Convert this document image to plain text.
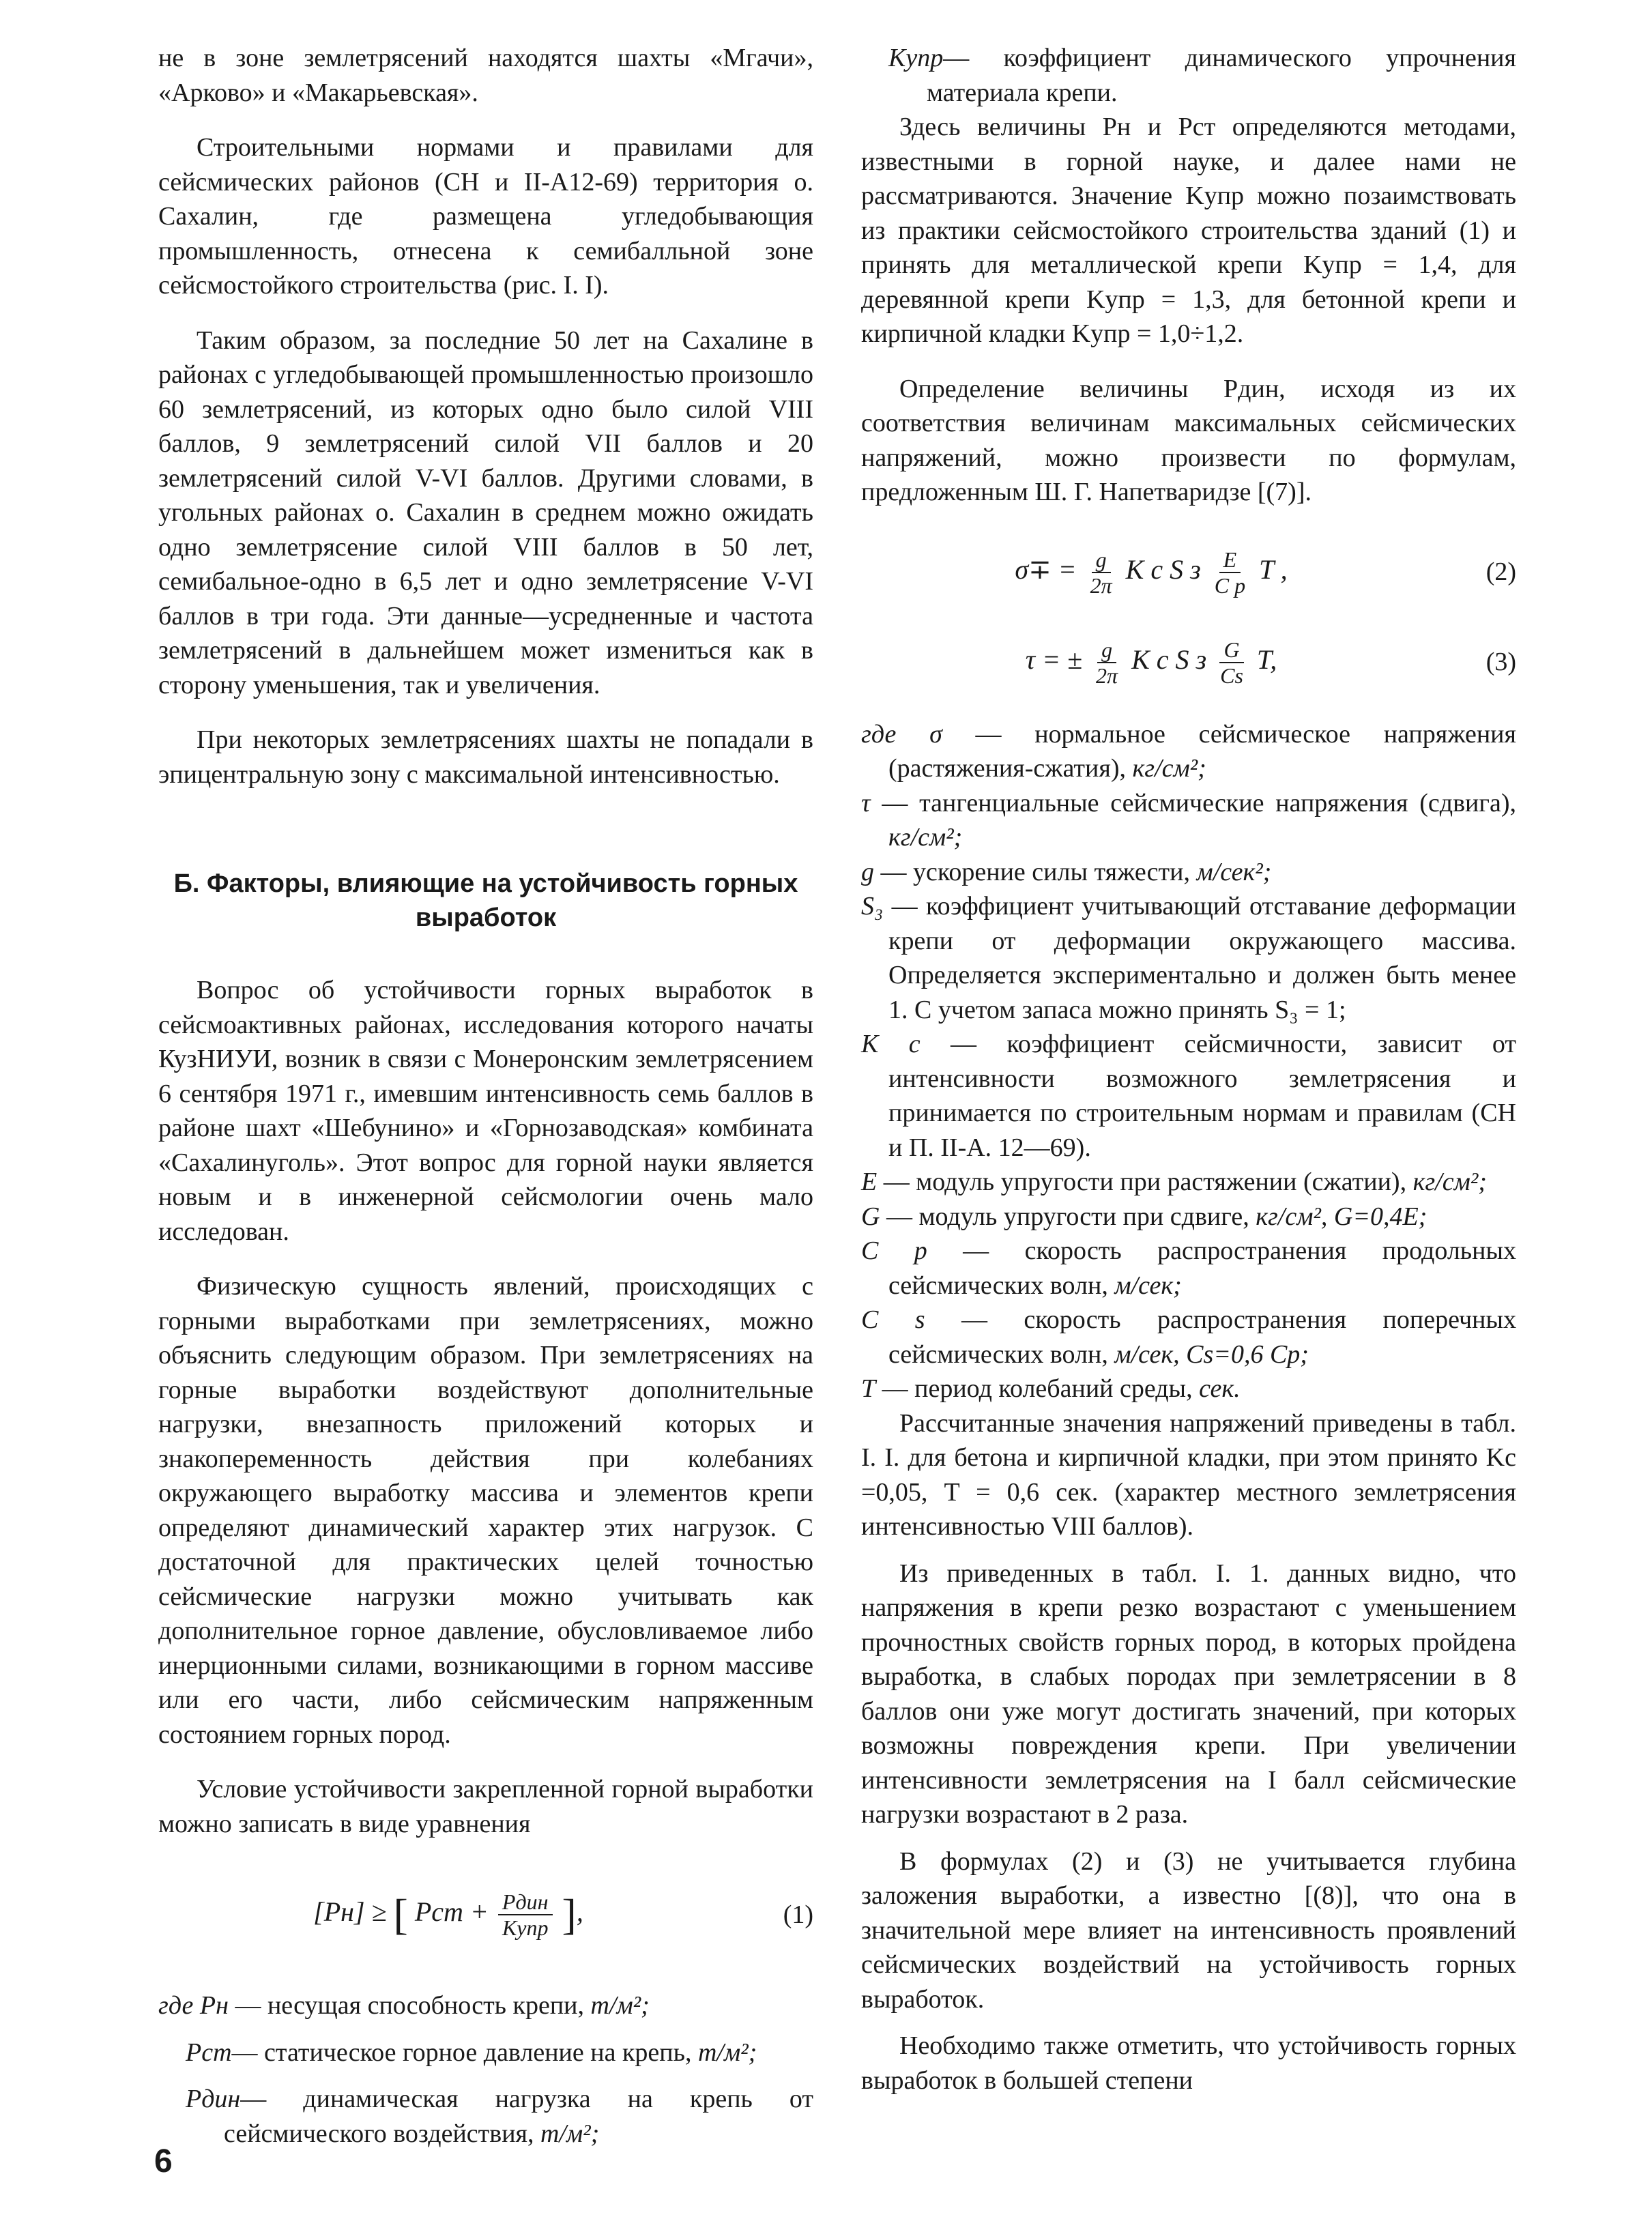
не в зоне землетрясений находятся шахты «Мгачи», «Арково» и «Макарьевская».

Строительными нормами и правилами для сейсмических районов (СН и II-А12-69) территория о. Сахалин, где размещена угледобывающия промышленность, отнесена к семибалльной зоне сейсмостойкого строительства (рис. I. I).

Таким образом, за последние 50 лет на Сахалине в районах с угледобывающей промышленностью произошло 60 землетрясений, из которых одно было силой VIII баллов, 9 землетрясений силой VII баллов и 20 землетрясений силой V-VI баллов. Другими словами, в угольных районах о. Сахалин в среднем можно ожидать одно землетрясение силой VIII баллов в 50 лет, семибальное-одно в 6,5 лет и одно землетрясение V-VI баллов в три года. Эти данные—усредненные и частота землетрясений в дальнейшем может измениться как в сторону уменьшения, так и увеличения.

При некоторых землетрясениях шахты не попадали в эпицентральную зону с максимальной интенсивностью.

Б. Факторы, влияющие на устойчивость горных выработок

Вопрос об устойчивости горных выработок в сейсмоактивных районах, исследования которого начаты КузНИУИ, возник в связи с Монеронским землетрясением 6 сентября 1971 г., имевшим интенсивность семь баллов в районе шахт «Шебунино» и «Горнозаводская» комбината «Сахалинуголь». Этот вопрос для горной науки является новым и в инженерной сейсмологии очень мало исследован.

Физическую сущность явлений, происходящих с горными выработками при землетрясениях, можно объяснить следующим образом. При землетрясениях на горные выработки воздействуют дополнительные нагрузки, внезапность приложений которых и знакопеременность действия при колебаниях окружающего выработку массива и элементов крепи определяют динамический характер этих нагрузок. С достаточной для практических целей точностью сейсмические нагрузки можно учитывать как дополнительное горное давление, обусловливаемое либо инерционными силами, возникающими в горном массиве или его части, либо сейсмическим напряженным состоянием горных пород.

Условие устойчивости закрепленной горной выработки можно записать в виде уравнения

[Pн] ≥ [ Pст + $\frac{\text{Pдин}}{\text{Kупр}}$ ],	(1)

где Pн — несущая способность крепи, т/м²;

Pст— статическое горное давление на крепь, т/м²;

Pдин— динамическая нагрузка на крепь от сейсмического воздействия, т/м²;

Kупр— коэффициент динамического упрочнения материала крепи.

Здесь величины Pн и Pст определяются методами, известными в горной науке, и далее нами не рассматриваются. Значение Kупр можно позаимствовать из практики сейсмостойкого строительства зданий (1) и принять для металлической крепи Kупр = 1,4, для деревянной крепи Kупр = 1,3, для бетонной крепи и кирпичной кладки Kупр = 1,0÷1,2.

Определение величины Pдин, исходя из их соответствия величинам максимальных сейсмических напряжений, можно произвести по формулам, предложенным Ш. Г. Напетваридзе [(7)].

$\sigma\mp = \frac{g}{2\pi}$ K c S з $\frac{E}{\text{C р}}$ T ,	(2)
τ = ± $\frac{g}{2\pi}$ K c S з $\frac{G}{Cs} T$,	(3)

где σ — нормальное сейсмическое напряжения (растяжения-сжатия), кг/см²;

τ — тангенциальные сейсмические напряжения (сдвига), кг/см²;

g — ускорение силы тяжести, м/сек²;

S₃ — коэффициент учитывающий отставание деформации крепи от деформации окружающего массива. Определяется экспериментально и должен быть менее 1. С учетом запаса можно принять S₃ = 1;

K c — коэффициент сейсмичности, зависит от интенсивности возможного землетрясения и принимается по строительным нормам и правилам (СН и П. II-А. 12—69).

E — модуль упругости при растяжении (сжатии), кг/см²;

G — модуль упругости при сдвиге, кг/см², G=0,4E;

C p — скорость распространения продольных сейсмических волн, м/сек;

C s — скорость распространения поперечных сейсмических волн, м/сек, Cs=0,6 Cp;

T — период колебаний среды, сек.

Рассчитанные значения напряжений приведены в табл. I. I. для бетона и кирпичной кладки, при этом принято Kс =0,05, T = 0,6 сек. (характер местного землетрясения интенсивностью VIII баллов).

Из приведенных в табл. I. 1. данных видно, что напряжения в крепи резко возрастают с уменьшением прочностных свойств горных пород, в которых пройдена выработка, в слабых породах при землетрясении в 8 баллов они уже могут достигать значений, при которых возможны повреждения крепи. При увеличении интенсивности землетрясения на I балл сейсмические нагрузки возрастают в 2 раза.

В формулах (2) и (3) не учитывается глубина заложения выработки, а известно [(8)], что она в значительной мере влияет на интенсивность проявлений сейсмических воздействий на устойчивость горных выработок.

Необходимо также отметить, что устойчивость горных выработок в большей степени

6
